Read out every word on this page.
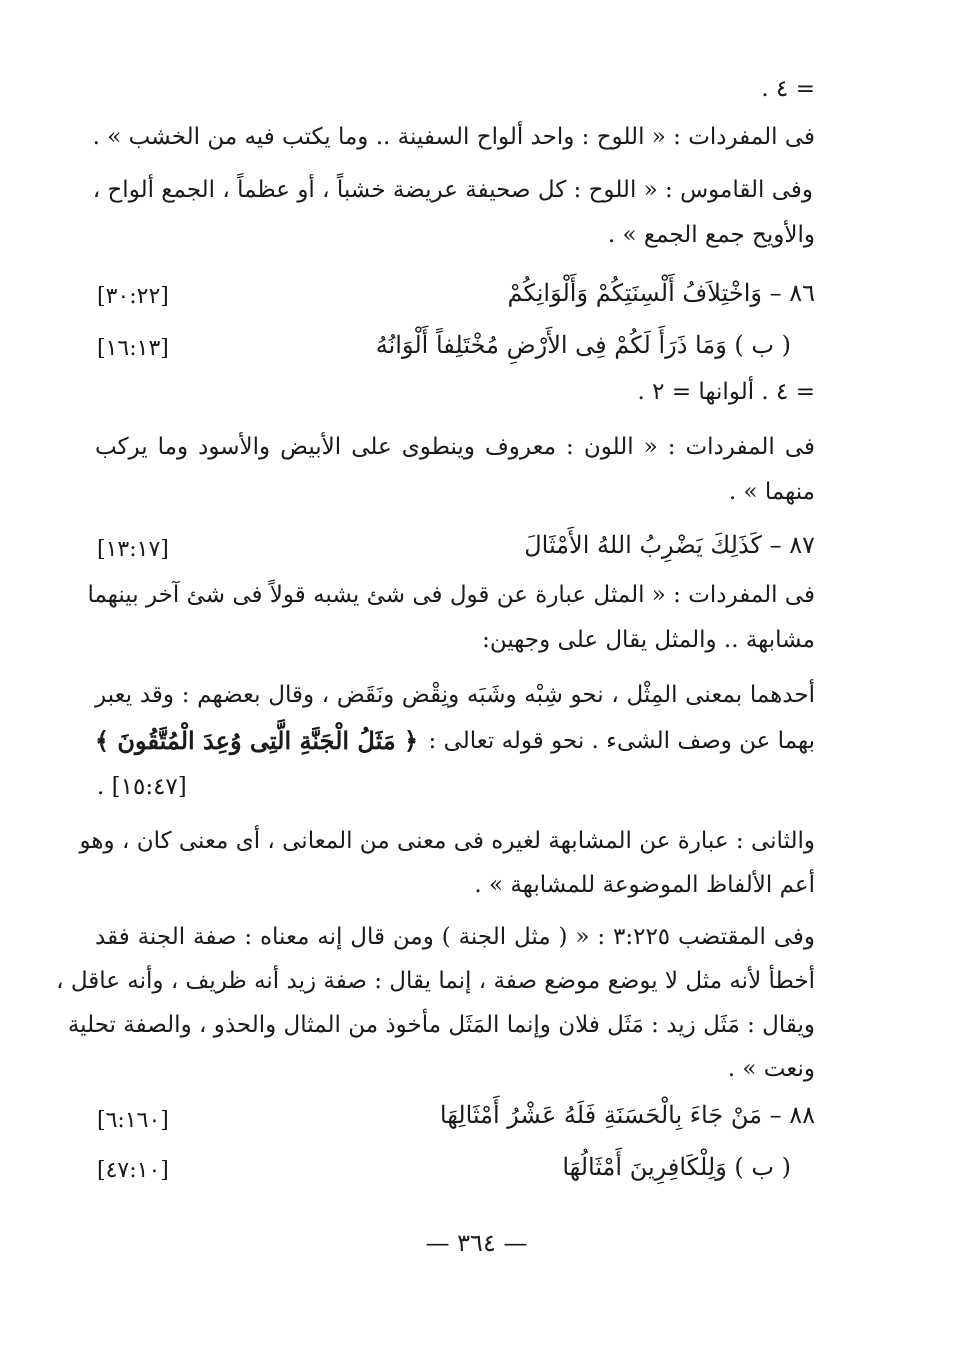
= ٤ .
فى المفردات : « اللوح : واحد ألواح السفينة .. وما يكتب فيه من الخشب » .
وفى القاموس : « اللوح : كل صحيفة عريضة خشباً ، أو عظماً ، الجمع ألواح ،
والأويح جمع الجمع » .
٨٦ – وَاخْتِلاَفُ أَلْسِنَتِكُمْ وَأَلْوَانِكُمْ
[٣٠:٢٢]
( ب ) وَمَا ذَرَأَ لَكُمْ فِى الأَرْضِ مُخْتَلِفاً أَلْوَانُهُ
[١٦:١٣]
= ٤ . ألوانها = ٢ .
فى المفردات : « اللون : معروف وينطوى على الأبيض والأسود وما يركب
منهما » .
٨٧ – كَذَلِكَ يَضْرِبُ اللهُ الأَمْثَالَ
[١٣:١٧]
فى المفردات : « المثل عبارة عن قول فى شئ يشبه قولاً فى شئ آخر بينهما
مشابهة .. والمثل يقال على وجهين:
أحدهما بمعنى المِثْل ، نحو شِبْه وشَبَه ونِقْض ونَقَض ، وقال بعضهم : وقد يعبر
بهما عن وصف الشىء . نحو قوله تعالى :
﴿ مَثَلُ الْجَنَّةِ الَّتِى وُعِدَ الْمُتَّقُونَ ﴾
. [١٥:٤٧]
والثانى : عبارة عن المشابهة لغيره فى معنى من المعانى ، أى معنى كان ، وهو
أعم الألفاظ الموضوعة للمشابهة » .
وفى المقتضب ٣:٢٢٥ : « ( مثل الجنة ) ومن قال إنه معناه : صفة الجنة فقد
أخطأ لأنه مثل لا يوضع موضع صفة ، إنما يقال : صفة زيد أنه ظريف ، وأنه عاقل ،
ويقال : مَثَل زيد : مَثَل فلان وإنما المَثَل مأخوذ من المثال والحذو ، والصفة تحلية
ونعت » .
٨٨ – مَنْ جَاءَ بِالْحَسَنَةِ فَلَهُ عَشْرُ أَمْثَالِهَا
[٦:١٦٠]
( ب ) وَلِلْكَافِرِينَ أَمْثَالُهَا
[٤٧:١٠]
— ٣٦٤ —
